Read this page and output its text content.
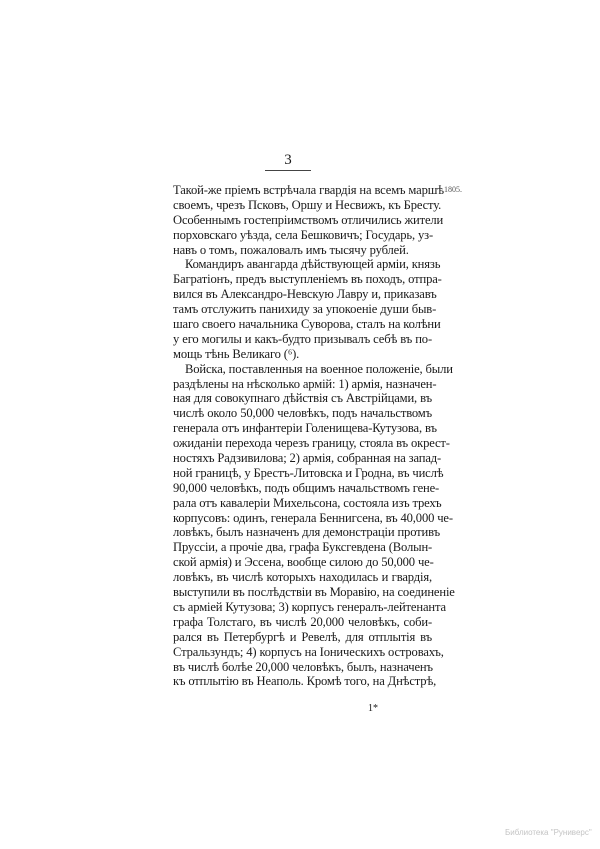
3
1805.
Такой-же пріемъ встрѣчала гвардія на всемъ маршѣ
своемъ, чрезъ Псковъ, Оршу и Несвижъ, къ Бресту.
Особеннымъ гостепріимствомъ отличились жители
порховскаго уѣзда, села Бешковичъ; Государь, уз-
навъ о томъ, пожаловалъ имъ тысячу рублей.
Командиръ авангарда дѣйствующей арміи, князь
Багратіонъ, предъ выступленіемъ въ походъ, отпра-
вился въ Александро-Невскую Лавру и, приказавъ
тамъ отслужить панихиду за упокоеніе души быв-
шаго своего начальника Суворова, сталъ на колѣни
у его могилы и какъ-будто призывалъ себѣ въ по-
мощь тѣнь Великаго (⁶).
Войска, поставленныя на военное положеніе, были
раздѣлены на нѣсколько армій: 1) армія, назначен-
ная для совокупнаго дѣйствія съ Австрійцами, въ
числѣ около 50,000 человѣкъ, подъ начальствомъ
генерала отъ инфантеріи Голенищева-Кутузова, въ
ожиданіи перехода черезъ границу, стояла въ окрест-
ностяхъ Радзивилова; 2) армія, собранная на запад-
ной границѣ, у Брестъ-Литовска и Гродна, въ числѣ
90,000 человѣкъ, подъ общимъ начальствомъ гене-
рала отъ кавалеріи Михельсона, состояла изъ трехъ
корпусовъ: одинъ, генерала Беннигсена, въ 40,000 че-
ловѣкъ, былъ назначенъ для демонстраціи противъ
Пруссіи, а прочіе два, графа Буксгевдена (Волын-
ской армія) и Эссена, вообще силою до 50,000 че-
ловѣкъ, въ числѣ которыхъ находилась и гвардія,
выступили въ послѣдствіи въ Моравію, на соединеніе
съ арміей Кутузова; 3) корпусъ генералъ-лейтенанта
графа Толстаго, въ числѣ 20,000 человѣкъ, соби-
рался въ Петербургѣ и Ревелѣ, для отплытія въ
Стральзундъ; 4) корпусъ на Іоническихъ островахъ,
въ числѣ болѣе 20,000 человѣкъ, былъ, назначенъ
къ отплытію въ Неаполь. Кромѣ того, на Днѣстрѣ,
1*
Библиотека "Руниверс"
